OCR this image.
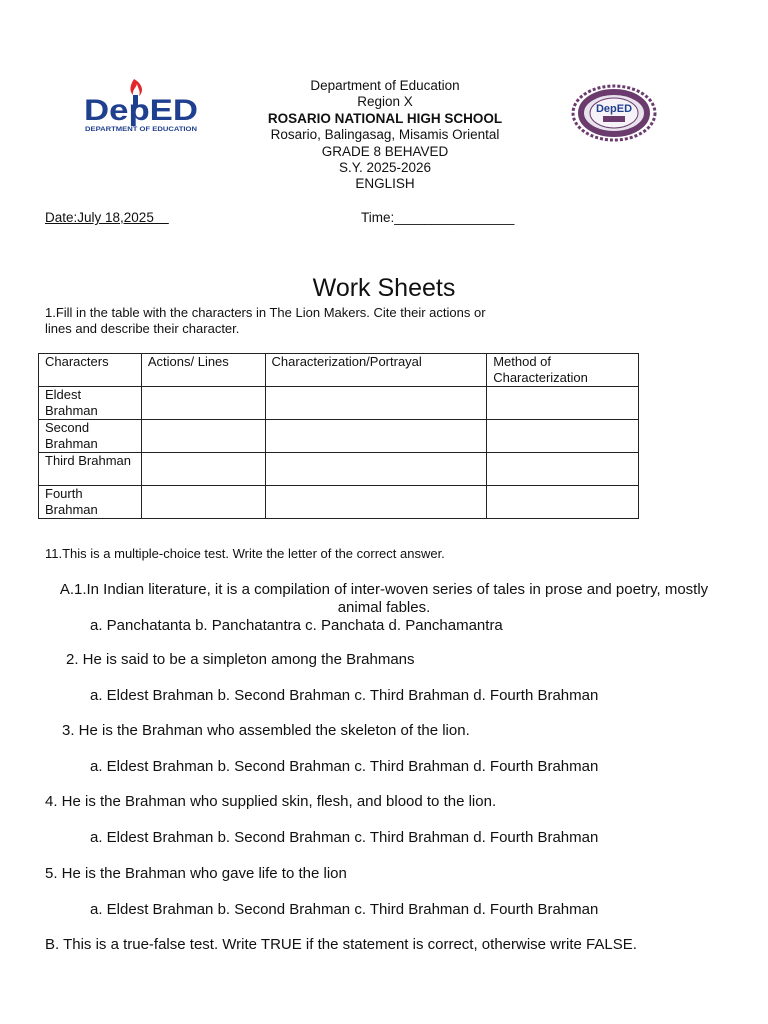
DepED
DEPARTMENT OF EDUCATION
DepED
Department of Education
Region X
ROSARIO NATIONAL HIGH SCHOOL
Rosario, Balingasag, Misamis Oriental
GRADE 8 BEHAVED
S.Y. 2025-2026
ENGLISH
Date:July 18,2025	Time:________________
Work Sheets
1.Fill in the table with the characters in The Lion Makers. Cite their actions or lines and describe their character.
Characters	Actions/ Lines	Characterization/Portrayal	Method of Characterization
Eldest Brahman			
Second Brahman			
Third Brahman			
Fourth Brahman			
11.This is a multiple-choice test. Write the letter of the correct answer.
A.1.In Indian literature, it is a compilation of inter-woven series of tales in prose and poetry, mostly animal fables.
a. Panchatanta b. Panchatantra c. Panchata d. Panchamantra
2. He is said to be a simpleton among the Brahmans
a. Eldest Brahman b. Second Brahman c. Third Brahman d. Fourth Brahman
3. He is the Brahman who assembled the skeleton of the lion.
a. Eldest Brahman b. Second Brahman c. Third Brahman d. Fourth Brahman
4. He is the Brahman who supplied skin, flesh, and blood to the lion.
a. Eldest Brahman b. Second Brahman c. Third Brahman d. Fourth Brahman
5. He is the Brahman who gave life to the lion
a. Eldest Brahman b. Second Brahman c. Third Brahman d. Fourth Brahman
B. This is a true-false test. Write TRUE if the statement is correct, otherwise write FALSE.
